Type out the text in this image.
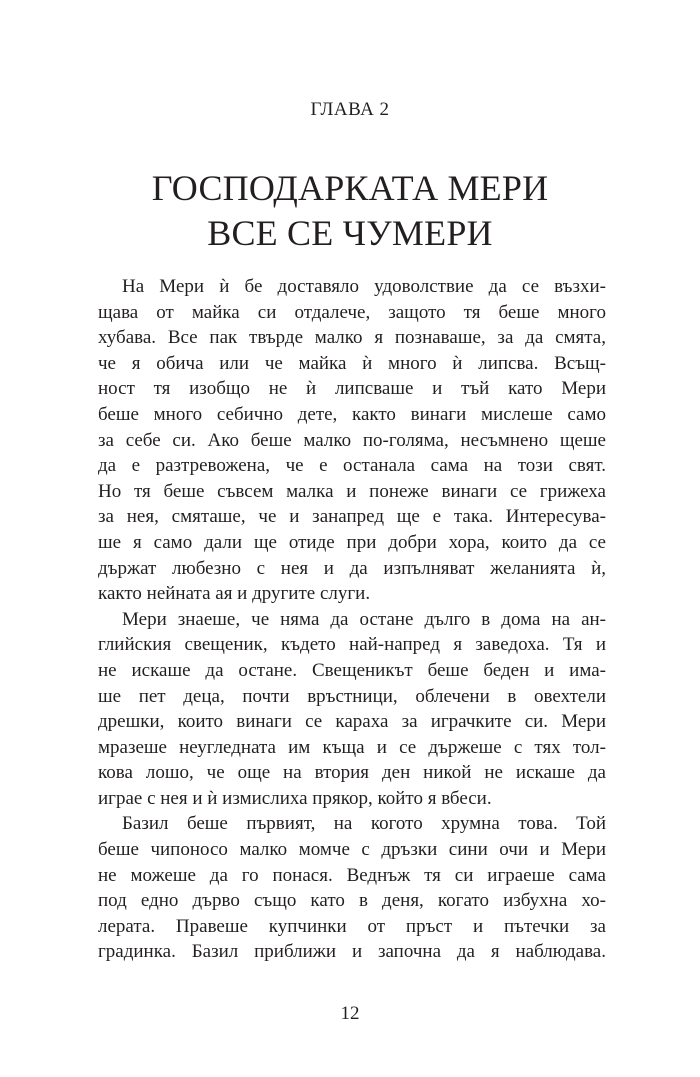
ГЛАВА 2
ГОСПОДАРКАТА МЕРИ
ВСЕ СЕ ЧУМЕРИ
На Мери ѝ бе доставяло удоволствие да се възхи-
щава от майка си отдалече, защото тя беше много
хубава. Все пак твърде малко я познаваше, за да смята,
че я обича или че майка ѝ много ѝ липсва. Всъщ-
ност тя изобщо не ѝ липсваше и тъй като Мери
беше много себично дете, както винаги мислеше само
за себе си. Ако беше малко по-голяма, несъмнено щеше
да е разтревожена, че е останала сама на този свят.
Но тя беше съвсем малка и понеже винаги се грижеха
за нея, смяташе, че и занапред ще е така. Интересува-
ше я само дали ще отиде при добри хора, които да се
държат любезно с нея и да изпълняват желанията ѝ,
както нейната ая и другите слуги.
Мери знаеше, че няма да остане дълго в дома на ан-
глийския свещеник, където най-напред я заведоха. Тя и
не искаше да остане. Свещеникът беше беден и има-
ше пет деца, почти връстници, облечени в овехтели
дрешки, които винаги се караха за играчките си. Мери
мразеше неугледната им къща и се държеше с тях тол-
кова лошо, че още на втория ден никой не искаше да
играе с нея и ѝ измислиха прякор, който я вбеси.
Базил беше първият, на когото хрумна това. Той
беше чипоносо малко момче с дръзки сини очи и Мери
не можеше да го понася. Веднъж тя си играеше сама
под едно дърво също като в деня, когато избухна хо-
лерата. Правеше купчинки от пръст и пътечки за
градинка. Базил приближи и започна да я наблюдава.
12
